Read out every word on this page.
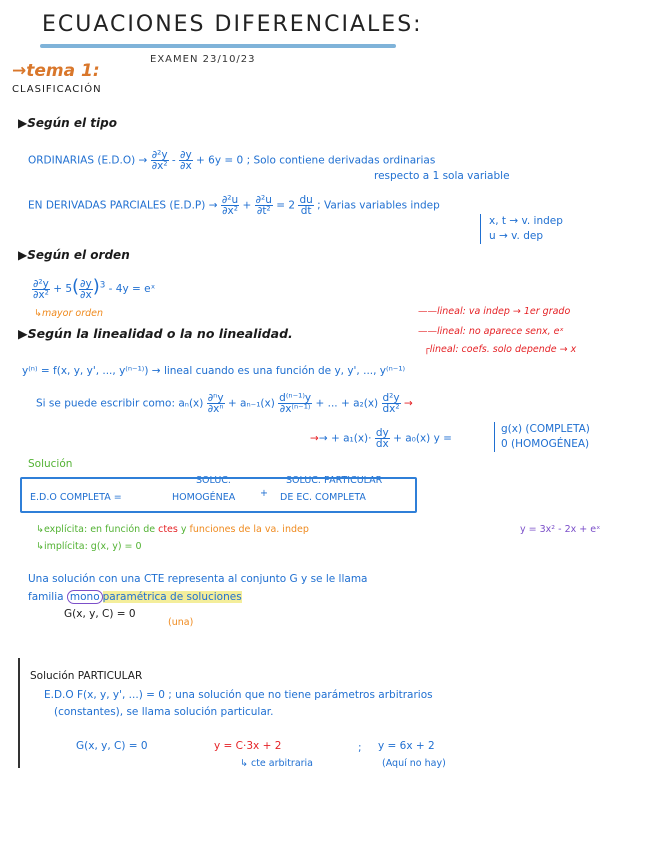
ECUACIONES DIFERENCIALES:
EXAMEN 23/10/23
→tema 1:
CLASIFICACIÓN
▶Según el tipo
ORDINARIAS $(E.D.O) \to \frac{\text{∂²y}}{\text{∂x²}} - \frac{\partial y}{\partial x} + 6y = 0$ ; Solo contiene derivadas ordinarias
respecto a 1 sola variable
EN DERIVADAS PARCIALES $(E.D.P) \to \frac{\text{∂²u}}{\text{∂x²}} + \frac{\text{∂²u}}{\text{∂t²}} = 2 \frac{du}{dt}$ ; Varias variables indep
x, t → v. indep
u → v. dep
▶Según el orden
$\frac{\text{∂²y}}{\text{∂x²}} + 5( \frac{\partial y}{\partial x} )^3 - 4y$ = eˣ
↳mayor orden	——lineal: va indep → 1er grado
▶Según la linealidad o la no linealidad.	——lineal: no aparece senx, eˣ
┌lineal: coefs. solo depende → x
y⁽ⁿ⁾ = f(x, y, y', ..., y⁽ⁿ⁻¹⁾) → lineal cuando es una función de y, y', ..., y⁽ⁿ⁻¹⁾
Si se puede escribir como: $a_n(x) \frac{\text{∂ⁿy}}{\text{∂xⁿ}} + a_{n-1}(x) \frac{\text{d⁽ⁿ⁻¹⁾y}}{\text{∂x⁽ⁿ⁻¹⁾}}$ + ... + $a_2(x) \frac{\text{d²y}}{\text{dx²}}$ →
→→ + $a_1(x)\cdot \frac{dy}{dx} + a_0(x) y$ =
g(x) (COMPLETA)
0 (HOMOGÉNEA)
Solución
SOLUC.	SOLUC. PARTICULAR
E.D.O COMPLETA =	HOMOGÉNEA	+ DE EC. COMPLETA
↳explícita: en función de ctes y funciones de la va. indep	y = 3x² - 2x + eˣ
↳implícita: g(x, y) = 0
Una solución con una CTE representa al conjunto G y se le llama
familia mono paramétrica de soluciones
G(x, y, C) = 0
(una)
Solución PARTICULAR
E.D.O F(x, y, y', ...) = 0 ; una solución que no tiene parámetros arbitrarios
(constantes), se llama solución particular.
G(x, y, C) = 0	y = C·3x + 2
↳ cte arbitraria
; y = 6x + 2
(Aquí no hay)
